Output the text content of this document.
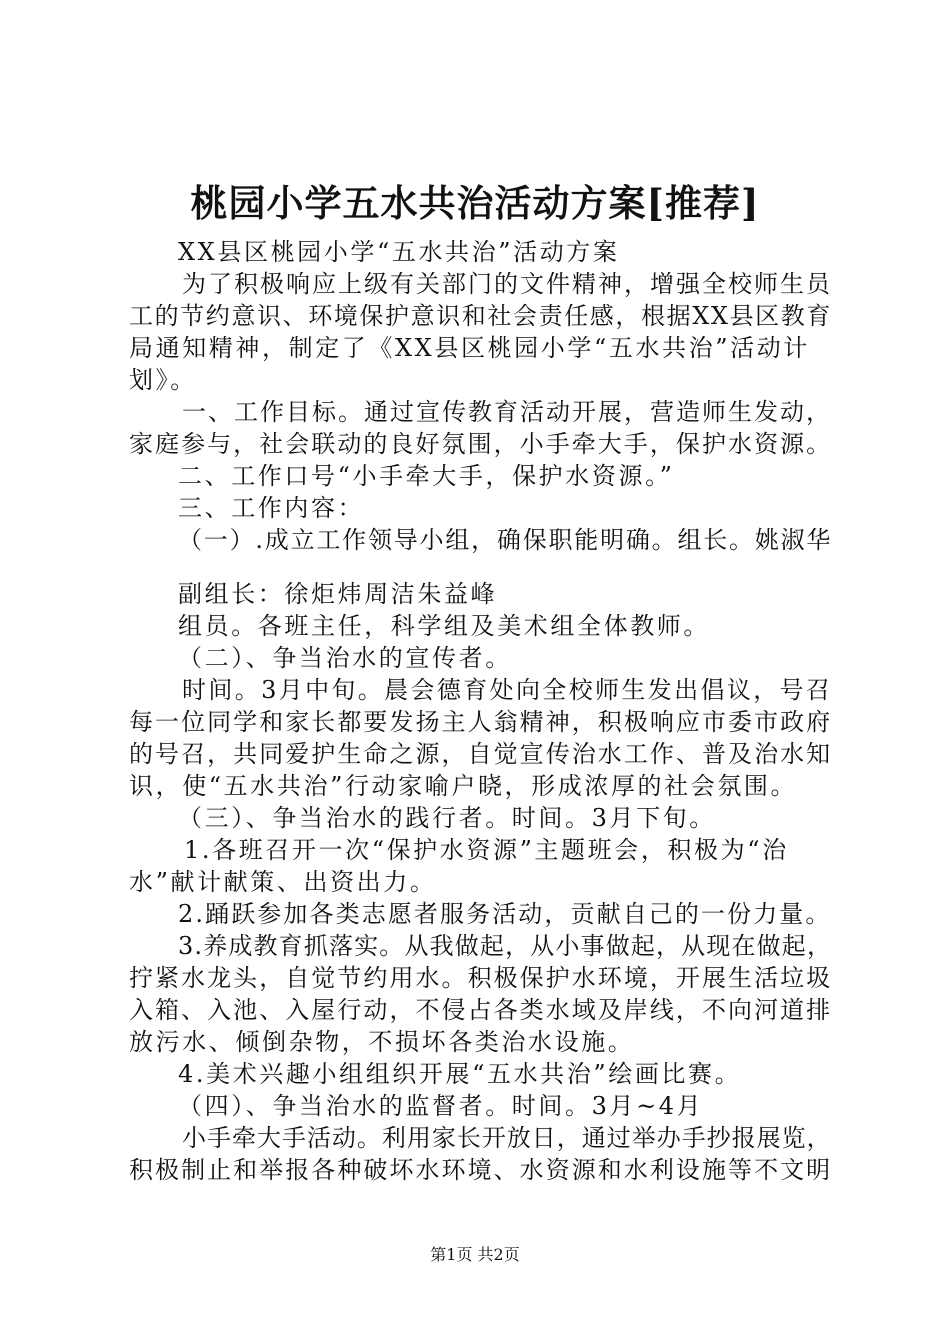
桃园小学五水共治活动方案[推荐]
XX县区桃园小学“五水共治”活动方案
为了积极响应上级有关部门的文件精神，增强全校师生员
工的节约意识、环境保护意识和社会责任感，根据XX县区教育
局通知精神，制定了《XX县区桃园小学“五水共治”活动计
划》。
一、工作目标。通过宣传教育活动开展，营造师生发动，
家庭参与，社会联动的良好氛围，小手牵大手，保护水资源。
二、工作口号“小手牵大手，保护水资源。”
三、工作内容：
（一）.成立工作领导小组，确保职能明确。组长。姚淑华
副组长：徐炬炜周洁朱益峰
组员。各班主任，科学组及美术组全体教师。
（二）、争当治水的宣传者。
时间。3月中旬。晨会德育处向全校师生发出倡议，号召
每一位同学和家长都要发扬主人翁精神，积极响应市委市政府
的号召，共同爱护生命之源，自觉宣传治水工作、普及治水知
识，使“五水共治”行动家喻户晓，形成浓厚的社会氛围。
（三）、争当治水的践行者。时间。3月下旬。
1.各班召开一次“保护水资源”主题班会，积极为“治
水”献计献策、出资出力。
2.踊跃参加各类志愿者服务活动，贡献自己的一份力量。
3.养成教育抓落实。从我做起，从小事做起，从现在做起，
拧紧水龙头，自觉节约用水。积极保护水环境，开展生活垃圾
入箱、入池、入屋行动，不侵占各类水域及岸线，不向河道排
放污水、倾倒杂物，不损坏各类治水设施。
4.美术兴趣小组组织开展“五水共治”绘画比赛。
（四）、争当治水的监督者。时间。3月~4月
小手牵大手活动。利用家长开放日，通过举办手抄报展览，
积极制止和举报各种破坏水环境、水资源和水利设施等不文明
第1页 共2页
